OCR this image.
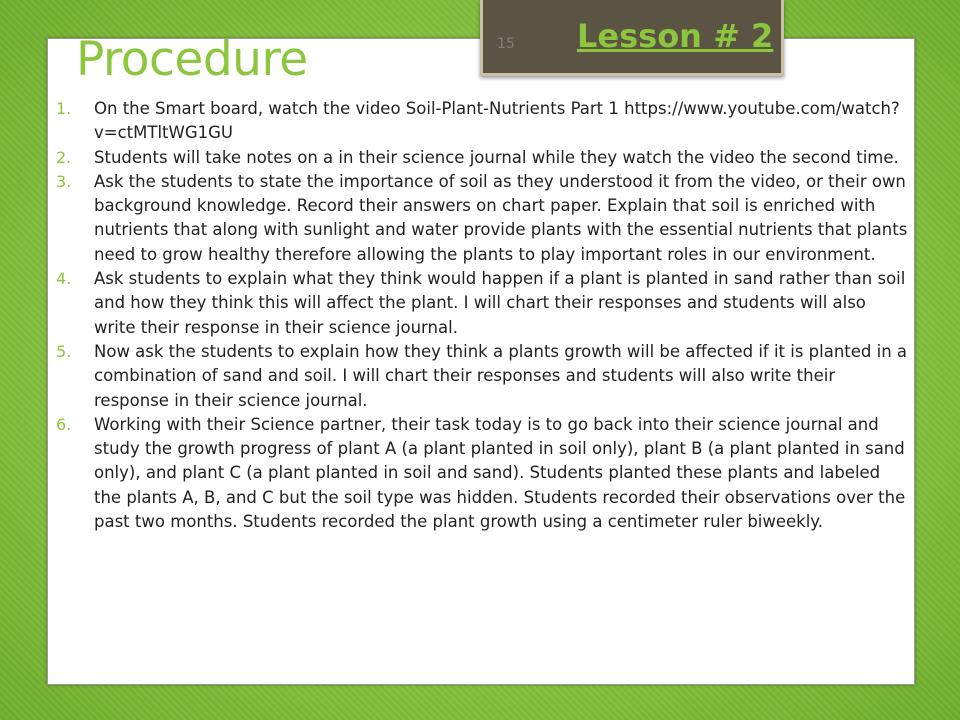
Lesson # 2
Procedure	15
1.	On the Smart board, watch the video Soil-Plant-Nutrients Part 1 https://www.youtube.com/watch?v=ctMTltWG1GU
2.	Students will take notes on a in their science journal while they watch the video the second time.
3.	Ask the students to state the importance of soil as they understood it from the video, or their own background knowledge. Record their answers on chart paper. Explain that soil is enriched with nutrients that along with sunlight and water provide plants with the essential nutrients that plants need to grow healthy therefore allowing the plants to play important roles in our environment.
4.	Ask students to explain what they think would happen if a plant is planted in sand rather than soil and how they think this will affect the plant. I will chart their responses and students will also write their response in their science journal.
5.	Now ask the students to explain how they think a plants growth will be affected if it is planted in a combination of sand and soil. I will chart their responses and students will also write their response in their science journal.
6.	Working with their Science partner, their task today is to go back into their science journal and study the growth progress of plant A (a plant planted in soil only), plant B (a plant planted in sand only), and plant C (a plant planted in soil and sand). Students planted these plants and labeled the plants A, B, and C but the soil type was hidden. Students recorded their observations over the past two months. Students recorded the plant growth using a centimeter ruler biweekly.
